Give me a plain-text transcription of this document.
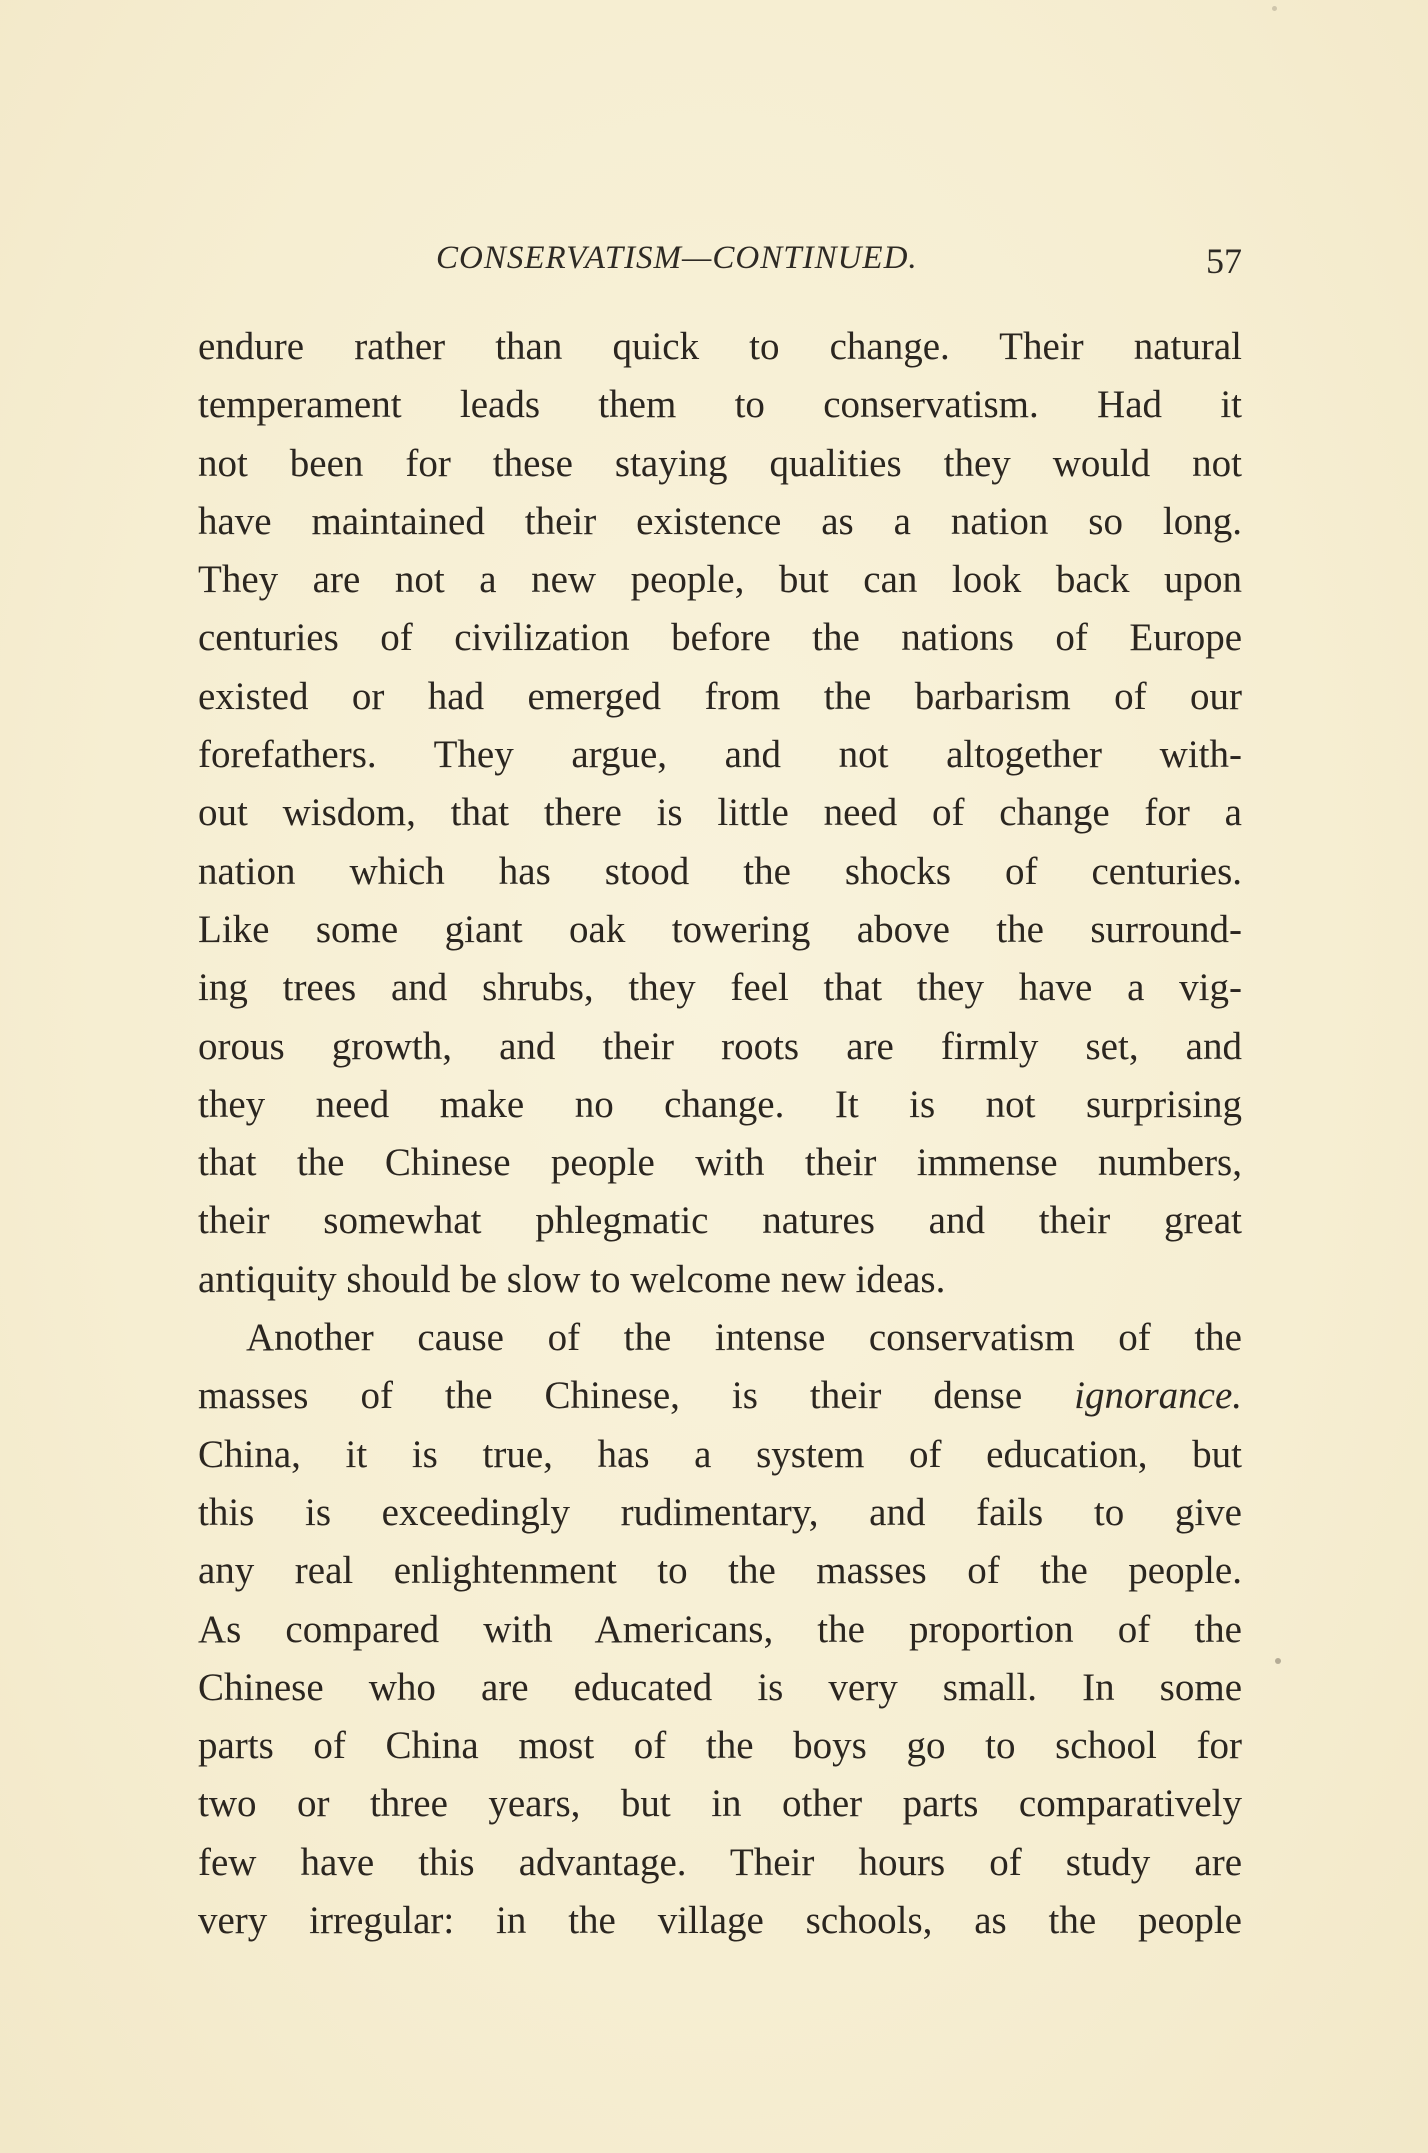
CONSERVATISM—CONTINUED.	57
endure rather than quick to change. Their natural
temperament leads them to conservatism. Had it
not been for these staying qualities they would not
have maintained their existence as a nation so long.
They are not a new people, but can look back upon
centuries of civilization before the nations of Europe
existed or had emerged from the barbarism of our
forefathers. They argue, and not altogether with-
out wisdom, that there is little need of change for a
nation which has stood the shocks of centuries.
Like some giant oak towering above the surround-
ing trees and shrubs, they feel that they have a vig-
orous growth, and their roots are firmly set, and
they need make no change. It is not surprising
that the Chinese people with their immense numbers,
their somewhat phlegmatic natures and their great
antiquity should be slow to welcome new ideas.
Another cause of the intense conservatism of the
masses of the Chinese, is their dense ignorance.
China, it is true, has a system of education, but
this is exceedingly rudimentary, and fails to give
any real enlightenment to the masses of the people.
As compared with Americans, the proportion of the
Chinese who are educated is very small. In some
parts of China most of the boys go to school for
two or three years, but in other parts comparatively
few have this advantage. Their hours of study are
very irregular: in the village schools, as the people
